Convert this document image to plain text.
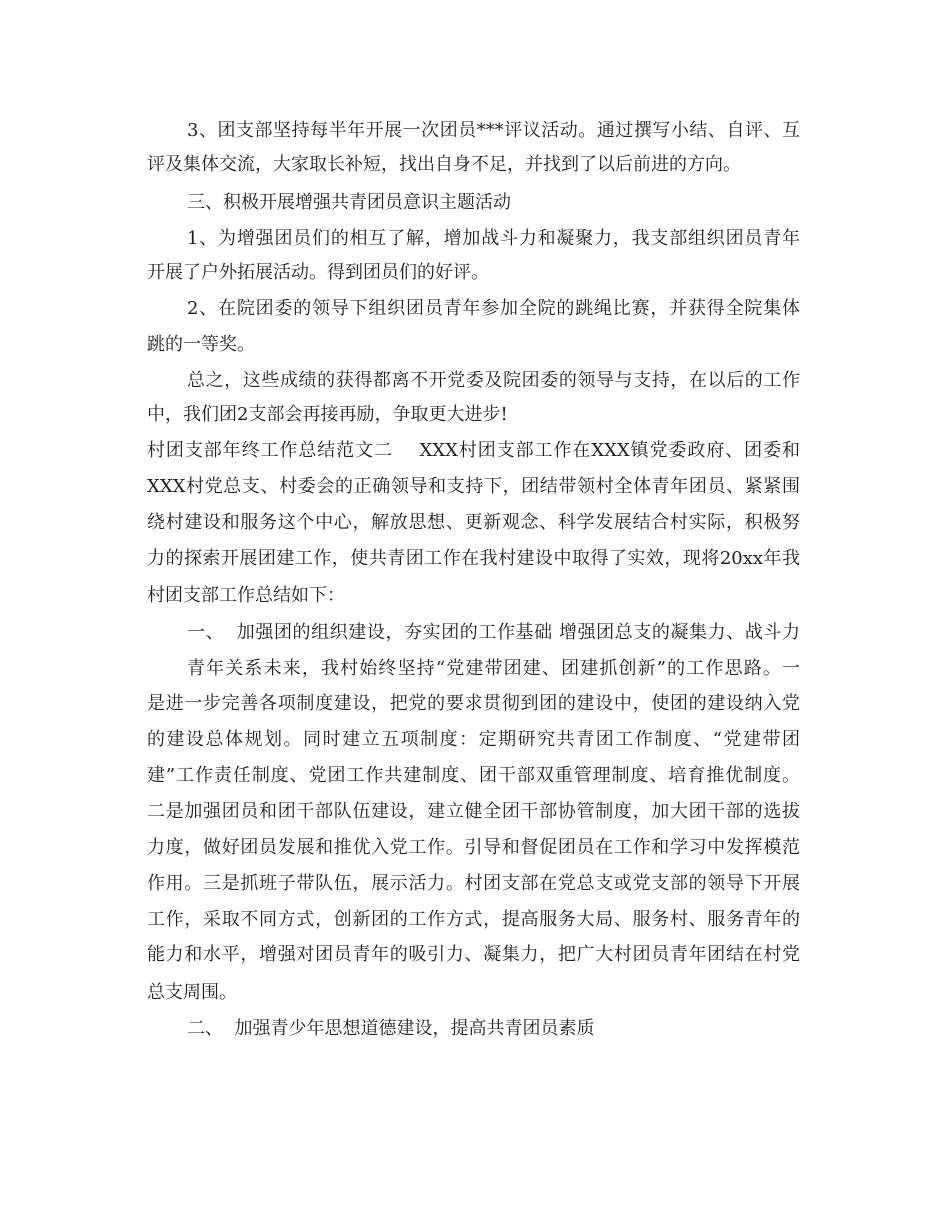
3、团支部坚持每半年开展一次团员***评议活动。通过撰写小结、自评、互
评及集体交流，大家取长补短，找出自身不足，并找到了以后前进的方向。
三、积极开展增强共青团员意识主题活动
1、为增强团员们的相互了解，增加战斗力和凝聚力，我支部组织团员青年
开展了户外拓展活动。得到团员们的好评。
2、在院团委的领导下组织团员青年参加全院的跳绳比赛，并获得全院集体
跳的一等奖。
总之，这些成绩的获得都离不开党委及院团委的领导与支持，在以后的工作
中，我们团2支部会再接再励，争取更大进步!
村团支部年终工作总结范文二    XXX村团支部工作在XXX镇党委政府、团委和
XXX村党总支、村委会的正确领导和支持下，团结带领村全体青年团员、紧紧围
绕村建设和服务这个中心，解放思想、更新观念、科学发展结合村实际，积极努
力的探索开展团建工作，使共青团工作在我村建设中取得了实效，现将20xx年我
村团支部工作总结如下：
一、  加强团的组织建设，夯实团的工作基础 增强团总支的凝集力、战斗力
青年关系未来，我村始终坚持“党建带团建、团建抓创新”的工作思路。一
是进一步完善各项制度建设，把党的要求贯彻到团的建设中，使团的建设纳入党
的建设总体规划。同时建立五项制度：定期研究共青团工作制度、“党建带团
建”工作责任制度、党团工作共建制度、团干部双重管理制度、培育推优制度。
二是加强团员和团干部队伍建设，建立健全团干部协管制度，加大团干部的选拔
力度，做好团员发展和推优入党工作。引导和督促团员在工作和学习中发挥模范
作用。三是抓班子带队伍，展示活力。村团支部在党总支或党支部的领导下开展
工作，采取不同方式，创新团的工作方式，提高服务大局、服务村、服务青年的
能力和水平，增强对团员青年的吸引力、凝集力，把广大村团员青年团结在村党
总支周围。
二、  加强青少年思想道德建设，提高共青团员素质
